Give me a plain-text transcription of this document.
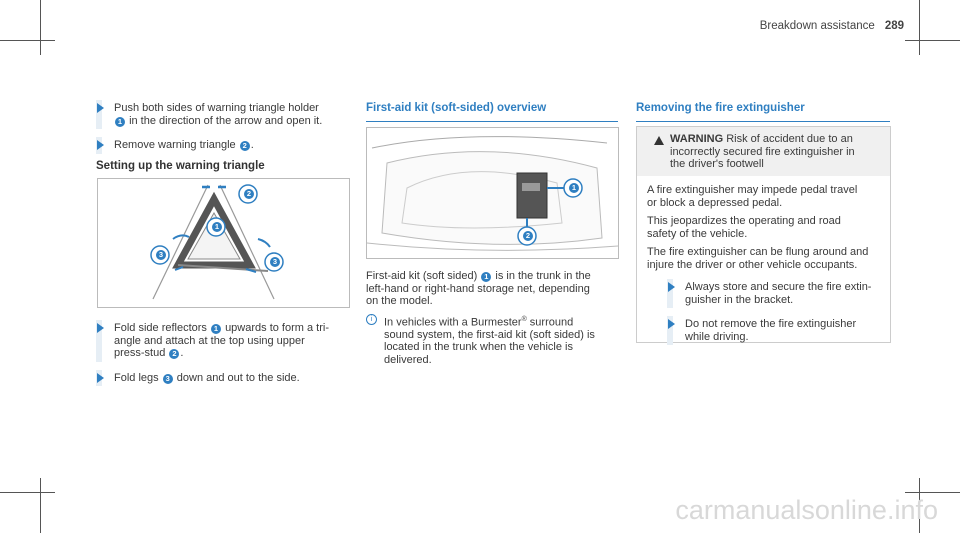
Breakdown assistance 289
Push both sides of warning triangle holder
1 in the direction of the arrow and open it.
Remove warning triangle 2 .
Setting up the warning triangle
2
1
3
3
Fold side reflectors 1 upwards to form a tri-
angle and attach at the top using upper
press-stud 2 .
Fold legs 3 down and out to the side.
First-aid kit (soft-sided) overview
1
2

First-aid kit (soft sided) 1 is in the trunk in the
left-hand or right-hand storage net, depending
on the model.

i	In vehicles with a Burmester® surround
sound system, the first-aid kit (soft sided) is
located in the trunk when the vehicle is
delivered.
Removing the fire extinguisher
WARNING Risk of accident due to an
incorrectly secured fire extinguisher in
the driver's footwell

A fire extinguisher may impede pedal travel
or block a depressed pedal.

This jeopardizes the operating and road
safety of the vehicle.

The fire extinguisher can be flung around and
injure the driver or other vehicle occupants.

Always store and secure the fire extin-
guisher in the bracket.
Do not remove the fire extinguisher
while driving.
carmanualsonline.info
